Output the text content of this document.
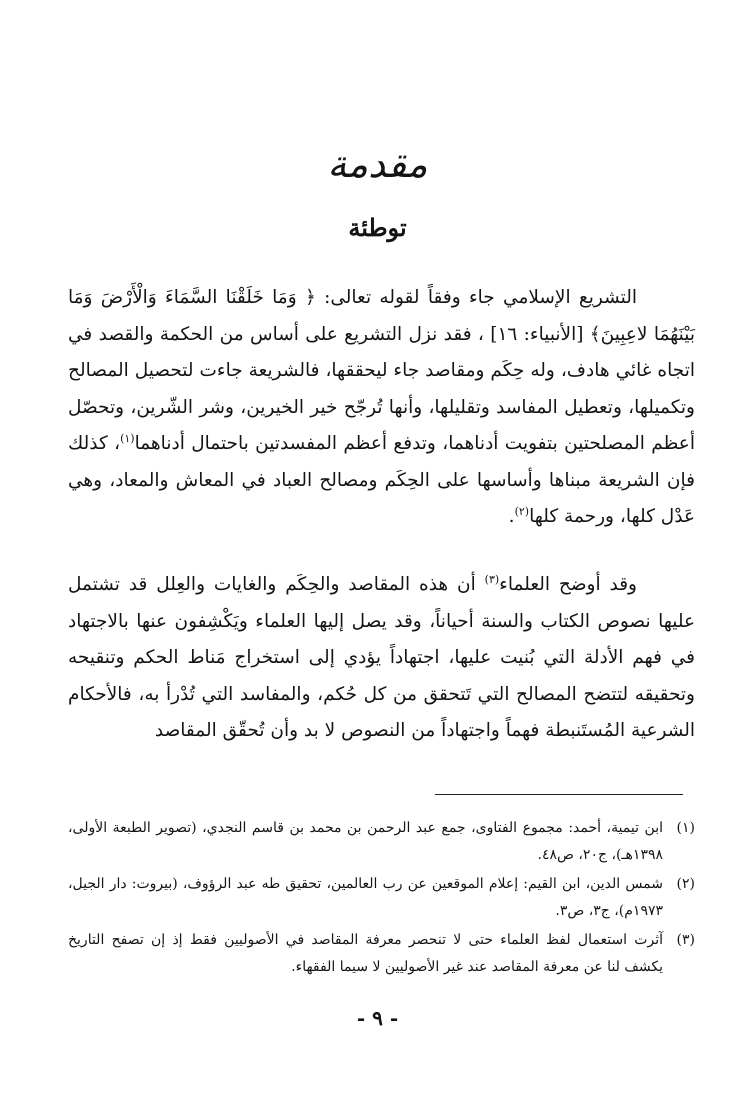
مقدمة
توطئة

التشريع الإسلامي جاء وفقاً لقوله تعالى: ﴿ وَمَا خَلَقْنَا السَّمَاءَ وَالْأَرْضَ وَمَا بَيْنَهُمَا لاعِبِينَ﴾ [الأنبياء: ١٦] ، فقد نزل التشريع على أساس من الحكمة والقصد في اتجاه غائي هادف، وله حِكَم ومقاصد جاء ليحققها، فالشريعة جاءت لتحصيل المصالح وتكميلها، وتعطيل المفاسد وتقليلها، وأنها تُرجّح خير الخيرين، وشر الشّرين، وتحصّل أعظم المصلحتين بتفويت أدناهما، وتدفع أعظم المفسدتين باحتمال أدناهما$^{(١)}$، كذلك فإن الشريعة مبناها وأساسها على الحِكَم ومصالح العباد في المعاش والمعاد، وهي عَدْل كلها، ورحمة كلها$^{(٢)}$.

وقد أوضح العلماء$^{(٣)}$ أن هذه المقاصد والحِكَم والغايات والعِلل قد تشتمل عليها نصوص الكتاب والسنة أحياناً، وقد يصل إليها العلماء ويَكْشِفون عنها بالاجتهاد في فهم الأدلة التي بُنيت عليها، اجتهاداً يؤدي إلى استخراج مَناط الحكم وتنقيحه وتحقيقه لتتضح المصالح التي تَتحقق من كل حُكم، والمفاسد التي تُدْرأ به، فالأحكام الشرعية المُستَنبطة فهماً واجتهاداً من النصوص لا بد وأن تُحقّق المقاصد

(١)
ابن تيمية، أحمد: مجموع الفتاوى، جمع عبد الرحمن بن محمد بن قاسم النجدي، (تصوير الطبعة الأولى، ١٣٩٨هـ)، ج٢٠، ص٤٨.
(٢)
شمس الدين، ابن القيم: إعلام الموقعين عن رب العالمين، تحقيق طه عبد الرؤوف، (بيروت: دار الجيل، ١٩٧٣م)، ج٣، ص٣.
(٣)
آثرت استعمال لفظ العلماء حتى لا تنحصر معرفة المقاصد في الأصوليين فقط إذ إن تصفح التاريخ يكشف لنا عن معرفة المقاصد عند غير الأصوليين لا سيما الفقهاء.
- ٩ -
